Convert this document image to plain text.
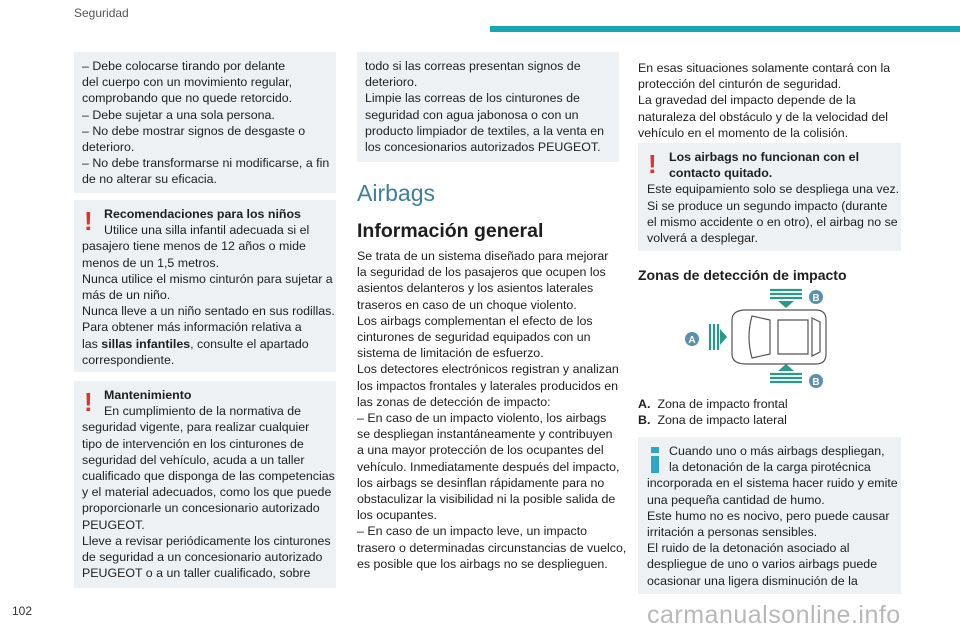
Seguridad
– Debe colocarse tirando por delante
del cuerpo con un movimiento regular,
comprobando que no quede retorcido.
– Debe sujetar a una sola persona.
– No debe mostrar signos de desgaste o
deterioro.
– No debe transformarse ni modificarse, a fin
de no alterar su eficacia.
! Recomendaciones para los niños
Utilice una silla infantil adecuada si el
pasajero tiene menos de 12 años o mide
menos de un 1,5 metros.
Nunca utilice el mismo cinturón para sujetar a
más de un niño.
Nunca lleve a un niño sentado en sus rodillas.
Para obtener más información relativa a
las sillas infantiles, consulte el apartado
correspondiente.
! Mantenimiento
En cumplimiento de la normativa de
seguridad vigente, para realizar cualquier
tipo de intervención en los cinturones de
seguridad del vehículo, acuda a un taller
cualificado que disponga de las competencias
y el material adecuados, como los que puede
proporcionarle un concesionario autorizado
PEUGEOT.
Lleve a revisar periódicamente los cinturones
de seguridad a un concesionario autorizado
PEUGEOT o a un taller cualificado, sobre
todo si las correas presentan signos de
deterioro.
Limpie las correas de los cinturones de
seguridad con agua jabonosa o con un
producto limpiador de textiles, a la venta en
los concesionarios autorizados PEUGEOT.
Airbags
Información general
Se trata de un sistema diseñado para mejorar
la seguridad de los pasajeros que ocupen los
asientos delanteros y los asientos laterales
traseros en caso de un choque violento.
Los airbags complementan el efecto de los
cinturones de seguridad equipados con un
sistema de limitación de esfuerzo.
Los detectores electrónicos registran y analizan
los impactos frontales y laterales producidos en
las zonas de detección de impacto:
– En caso de un impacto violento, los airbags
se despliegan instantáneamente y contribuyen
a una mayor protección de los ocupantes del
vehículo. Inmediatamente después del impacto,
los airbags se desinflan rápidamente para no
obstaculizar la visibilidad ni la posible salida de
los ocupantes.
– En caso de un impacto leve, un impacto
trasero o determinadas circunstancias de vuelco,
es posible que los airbags no se desplieguen.
En esas situaciones solamente contará con la
protección del cinturón de seguridad.
La gravedad del impacto depende de la
naturaleza del obstáculo y de la velocidad del
vehículo en el momento de la colisión.
! Los airbags no funcionan con el
contacto quitado.
Este equipamiento solo se despliega una vez.
Si se produce un segundo impacto (durante
el mismo accidente o en otro), el airbag no se
volverá a desplegar.
Zonas de detección de impacto
B
B
A
A. Zona de impacto frontal
B. Zona de impacto lateral
Cuando uno o más airbags despliegan,
la detonación de la carga pirotécnica
incorporada en el sistema hacer ruido y emite
una pequeña cantidad de humo.
Este humo no es nocivo, pero puede causar
irritación a personas sensibles.
El ruido de la detonación asociado al
despliegue de uno o varios airbags puede
ocasionar una ligera disminución de la
102	carmanualsonline.info
